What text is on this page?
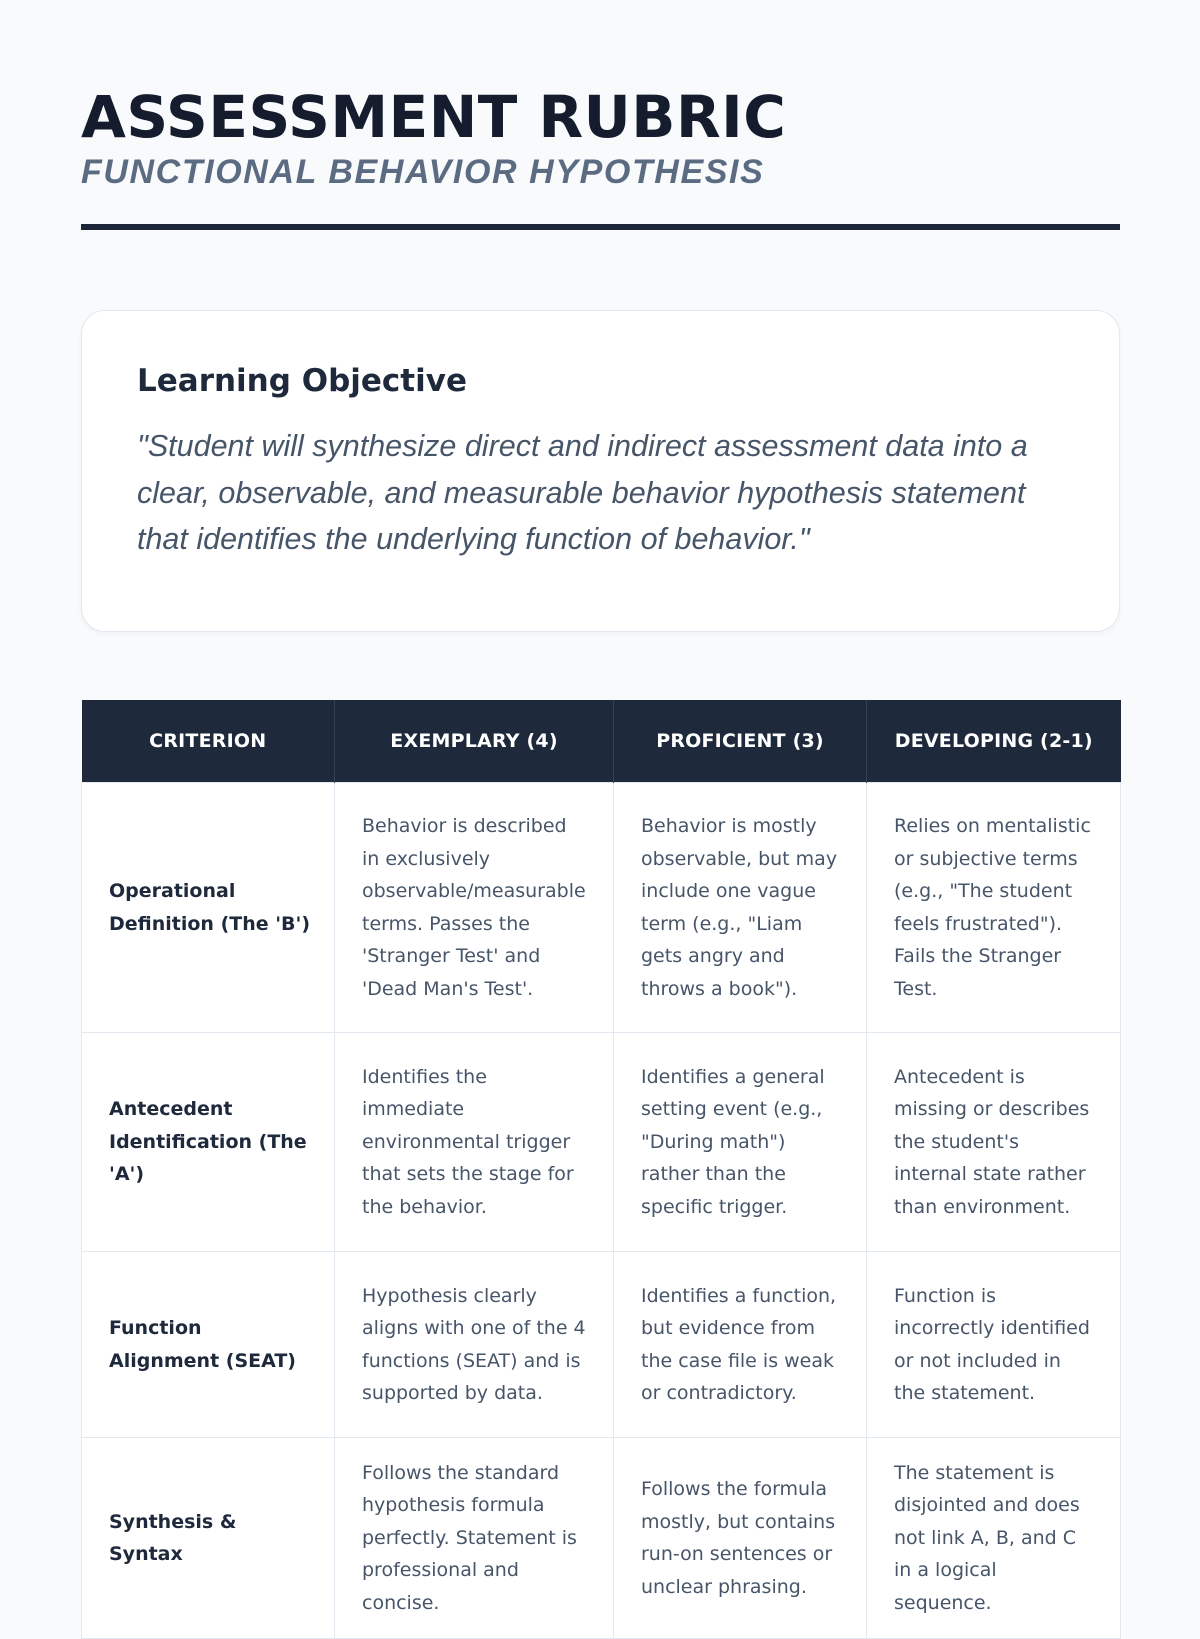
ASSESSMENT RUBRIC
FUNCTIONAL BEHAVIOR HYPOTHESIS
Learning Objective

"Student will synthesize direct and indirect assessment data into a clear, observable, and measurable behavior hypothesis statement that identifies the underlying function of behavior."

CRITERION	EXEMPLARY (4)	PROFICIENT (3)	DEVELOPING (2-1)
Operational Definition (The 'B')	Behavior is described in exclusively observable/measurable terms. Passes the 'Stranger Test' and 'Dead Man's Test'.	Behavior is mostly observable, but may include one vague term (e.g., "Liam gets angry and throws a book").	Relies on mentalistic or subjective terms (e.g., "The student feels frustrated"). Fails the Stranger Test.
Antecedent Identification (The 'A')	Identifies the immediate environmental trigger that sets the stage for the behavior.	Identifies a general setting event (e.g., "During math") rather than the specific trigger.	Antecedent is missing or describes the student's internal state rather than environment.
Function Alignment (SEAT)	Hypothesis clearly aligns with one of the 4 functions (SEAT) and is supported by data.	Identifies a function, but evidence from the case file is weak or contradictory.	Function is incorrectly identified or not included in the statement.
Synthesis & Syntax	Follows the standard hypothesis formula perfectly. Statement is professional and concise.	Follows the formula mostly, but contains run-on sentences or unclear phrasing.	The statement is disjointed and does not link A, B, and C in a logical sequence.
